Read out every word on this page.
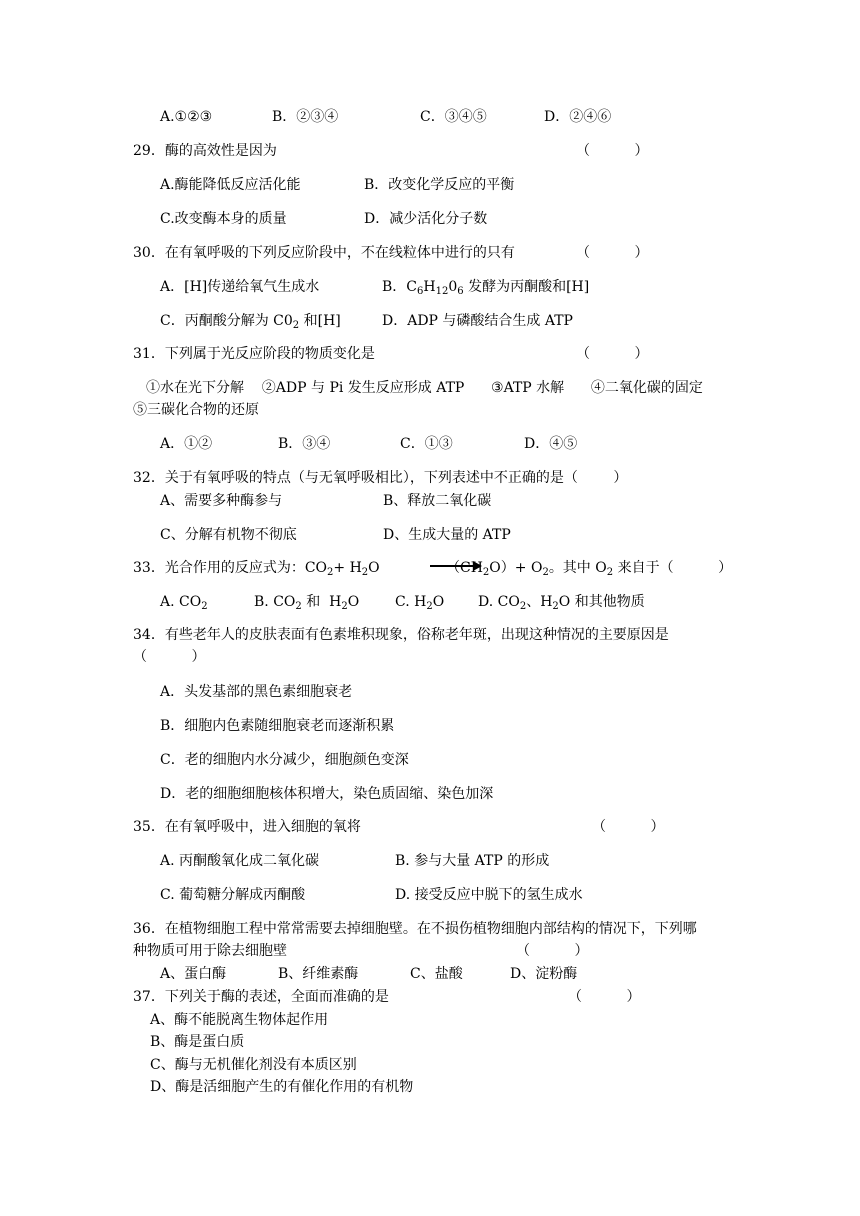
A.①②③	B．②③④	C．③④⑤	D．②④⑥
29．酶的高效性是因为	（          ）
A.酶能降低反应活化能	B．改变化学反应的平衡
C.改变酶本身的质量	D．减少活化分子数
30．在有氧呼吸的下列反应阶段中，不在线粒体中进行的只有	（          ）
A．[H]传递给氧气生成水	B．$C_6H_{12}0_6$ 发酵为丙酮酸和[H]
C．丙酮酸分解为 $C0_2$ 和[H]	D．ADP 与磷酸结合生成 ATP
31．下列属于光反应阶段的物质变化是	（          ）
①水在光下分解    ②ADP 与 Pi 发生反应形成 ATP      ③ATP 水解      ④二氧化碳的固定
⑤三碳化合物的还原
A．①②	B．③④	C．①③	D．④⑤
32．关于有氧呼吸的特点（与无氧呼吸相比），下列表述中不正确的是（        ）
A、需要多种酶参与	B、释放二氧化碳
C、分解有机物不彻底	D、生成大量的 ATP
33．光合作用的反应式为：$CO_2+ H_2O$	$(CH_2O)+ O_2$。其中 $O_2$ 来自于（          ）
A. $CO_2$	B. $CO_2$ 和  $H_2O$	C. $H_2O$ D. $CO_2$、$H_2O$ 和其他物质
34．有些老年人的皮肤表面有色素堆积现象，俗称老年斑，出现这种情况的主要原因是
（          ）
A．头发基部的黑色素细胞衰老
B．细胞内色素随细胞衰老而逐渐积累
C．老的细胞内水分减少，细胞颜色变深
D．老的细胞细胞核体积增大，染色质固缩、染色加深
35．在有氧呼吸中，进入细胞的氧将	（          ）
A. 丙酮酸氧化成二氧化碳	B. 参与大量 ATP 的形成
C. 葡萄糖分解成丙酮酸	D. 接受反应中脱下的氢生成水
36．在植物细胞工程中常常需要去掉细胞壁。在不损伤植物细胞内部结构的情况下，下列哪
种物质可用于除去细胞壁	（          ）
A、蛋白酶	B、纤维素酶	C、盐酸	D、淀粉酶
37．下列关于酶的表述，全面而准确的是	（          ）
A、酶不能脱离生物体起作用
B、酶是蛋白质
C、酶与无机催化剂没有本质区别
D、酶是活细胞产生的有催化作用的有机物
